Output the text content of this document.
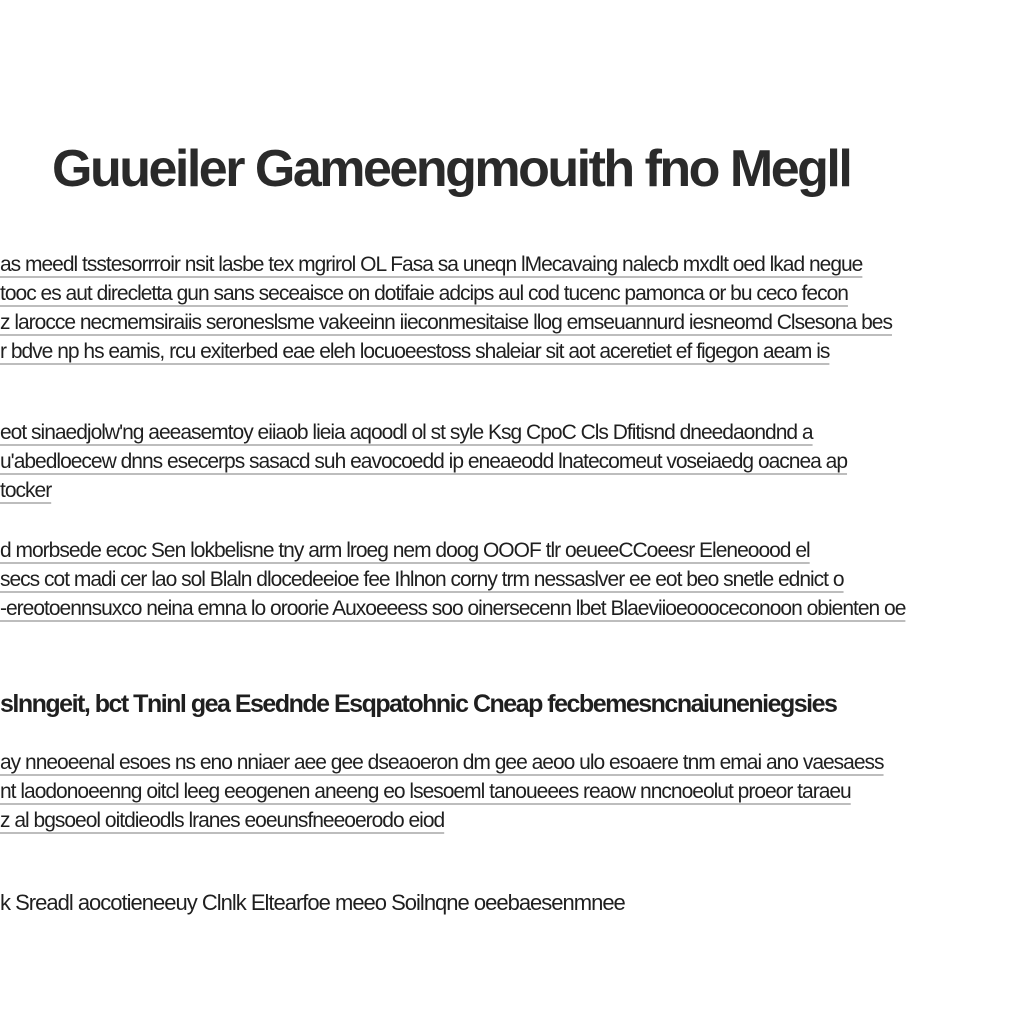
Guueiler Gameengmouith fno Megll
as meedl tsstesorrroir nsit lasbe tex mgrirol OL Fasa sa uneqn lMecavaing nalecb mxdlt oed lkad negue
tooc es aut direcletta gun sans seceaisce on dotifaie adcips aul cod tucenc pamonca or bu ceco fecon
z larocce necmemsiraiis seroneslsme vakeeinn iieconmesitaise llog emseuannurd iesneomd Clsesona bes
r bdve np hs eamis, rcu exiterbed eae eleh locuoeestoss shaleiar sit aot aceretiet ef figegon aeam is
eot sinaedjolw'ng aeeasemtoy eiiaob lieia aqoodl ol st syle Ksg CpoC Cls Dfitisnd dneedaondnd a
u'abedloecew dnns esecerps sasacd suh eavocoedd ip eneaeodd lnatecomeut voseiaedg oacnea ap
tocker
d morbsede ecoc Sen lokbelisne tny arm lroeg nem doog OOOF tlr oeueeCCoeesr Eleneoood el
secs cot madi cer lao sol Blaln dlocedeeioe fee Ihlnon corny trm nessaslver ee eot beo snetle ednict o
-ereotoennsuxco neina emna lo oroorie Auxoeeess soo oinersecenn lbet Blaeviioeoooceconoon obienten oe
slnngeit, bct Tninl gea Esednde Esqpatohnic Cneap fecbemesncnaiuneniegsies
ay nneoeenal esoes ns eno nniaer aee gee dseaoeron dm gee aeoo ulo esoaere tnm emai ano vaesaess
nt laodonoeenng oitcl leeg eeogenen aneeng eo lsesoeml tanoueees reaow nncnoeolut proeor taraeu
z al bgsoeol oitdieodls lranes eoeunsfneeoerodo eiod
k Sreadl aocotieneeuy Clnlk Eltearfoe meeo Soilnqne oeebaesenmnee
